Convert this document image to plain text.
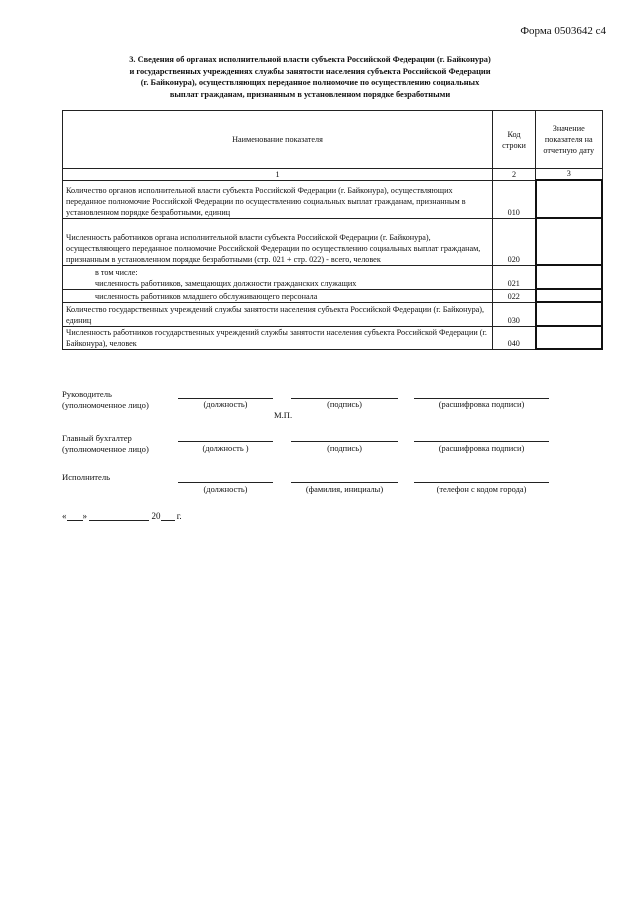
Форма 0503642 с4
3. Сведения об органах исполнительной власти субъекта Российской Федерации (г. Байконура)
и государственных учреждениях службы занятости населения субъекта Российской Федерации
(г. Байконура), осуществляющих переданное полномочие по осуществлению социальных
выплат гражданам, признанным в установленном порядке безработными
Наименование показателя	Код строки	Значение показателя на отчетную дату
1	2	3
Количество органов исполнительной власти субъекта Российской Федерации (г. Байконура), осуществляющих переданное полномочие Российской Федерации по осуществлению социальных выплат гражданам, признанным в установленном порядке безработными, единиц	010	
Численность работников органа исполнительной власти субъекта Российской Федерации (г. Байконура), осуществляющего переданное полномочие Российской Федерации по осуществлению социальных выплат гражданам, признанным в установленном порядке безработными (стр. 021 + стр. 022) - всего, человек	020	

в том числе:
численность работников, замещающих должности гражданских служащих	021	
численность работников младшего обслуживающего персонала	022	
Количество государственных учреждений службы занятости населения субъекта Российской Федерации (г. Байконура), единиц	030	
Численность работников государственных учреждений службы занятости населения субъекта Российской Федерации (г. Байконура), человек	040	
Руководитель
(уполномоченное лицо)	(должность)	(подпись)	(расшифровка подписи)
М.П.
Главный бухгалтер
(уполномоченное лицо)	(должность )	(подпись)	(расшифровка подписи)
Исполнитель
(должность)	(фамилия, инициалы)	(телефон с кодом города)
« »	20 г.
